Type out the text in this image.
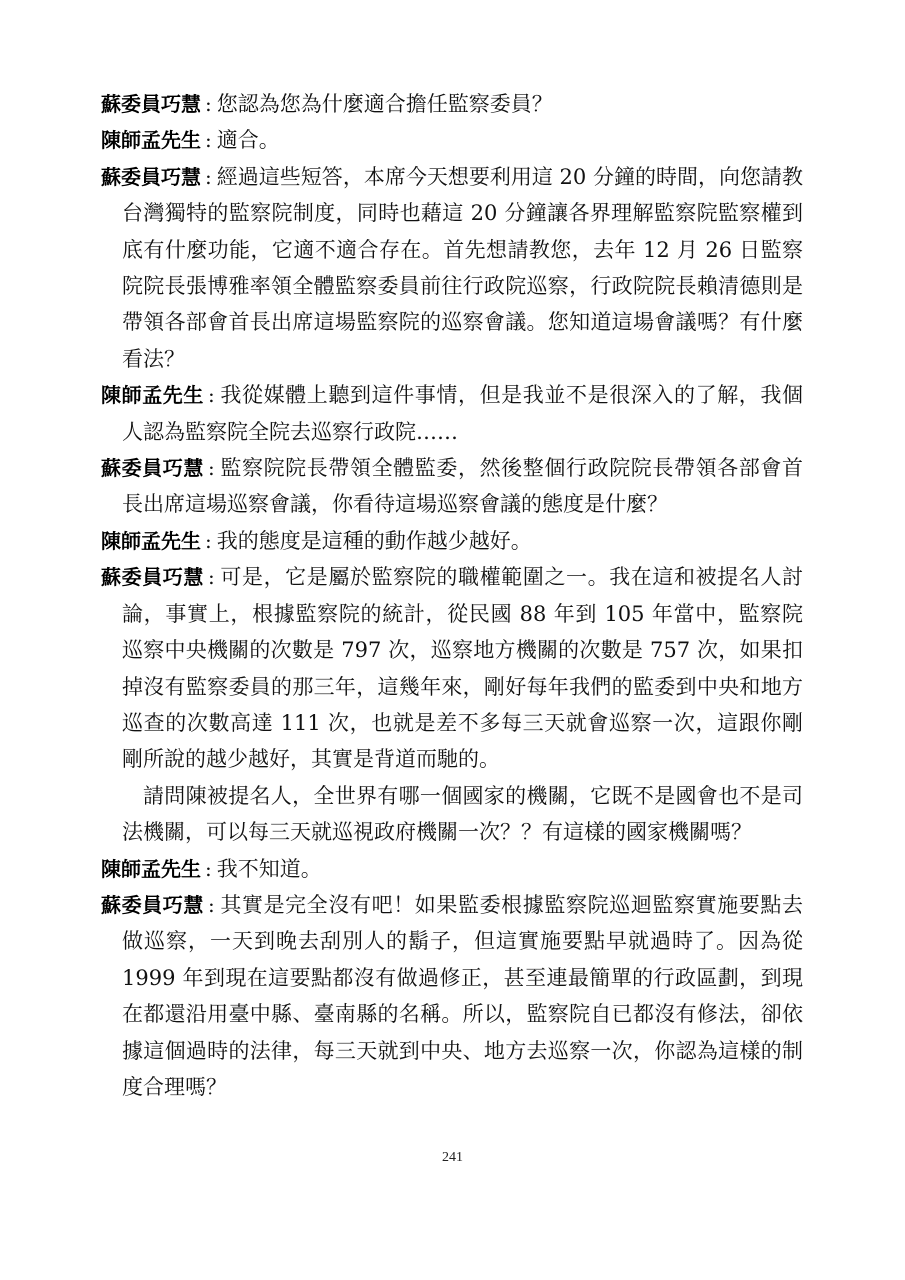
蘇委員巧慧 : 您認為您為什麼適合擔任監察委員？

陳師孟先生 : 適合。

蘇委員巧慧 : 經過這些短答，本席今天想要利用這 20 分鐘的時間，向您請教台灣獨特的監察院制度，同時也藉這 20 分鐘讓各界理解監察院監察權到底有什麼功能，它適不適合存在。首先想請教您，去年 12 月 26 日監察院院長張博雅率領全體監察委員前往行政院巡察，行政院院長賴清德則是帶領各部會首長出席這場監察院的巡察會議。您知道這場會議嗎？有什麼看法？

陳師孟先生 : 我從媒體上聽到這件事情，但是我並不是很深入的了解，我個人認為監察院全院去巡察行政院……

蘇委員巧慧 : 監察院院長帶領全體監委，然後整個行政院院長帶領各部會首長出席這場巡察會議，你看待這場巡察會議的態度是什麼？

陳師孟先生 : 我的態度是這種的動作越少越好。

蘇委員巧慧 : 可是，它是屬於監察院的職權範圍之一。我在這和被提名人討論，事實上，根據監察院的統計，從民國 88 年到 105 年當中，監察院巡察中央機關的次數是 797 次，巡察地方機關的次數是 757 次，如果扣掉沒有監察委員的那三年，這幾年來，剛好每年我們的監委到中央和地方巡查的次數高達 111 次，也就是差不多每三天就會巡察一次，這跟你剛剛所說的越少越好，其實是背道而馳的。

請問陳被提名人，全世界有哪一個國家的機關，它既不是國會也不是司法機關，可以每三天就巡視政府機關一次？？有這樣的國家機關嗎？

陳師孟先生 : 我不知道。

蘇委員巧慧 : 其實是完全沒有吧！如果監委根據監察院巡迴監察實施要點去做巡察，一天到晚去刮別人的鬍子，但這實施要點早就過時了。因為從 1999 年到現在這要點都沒有做過修正，甚至連最簡單的行政區劃，到現在都還沿用臺中縣、臺南縣的名稱。所以，監察院自已都沒有修法，卻依據這個過時的法律，每三天就到中央、地方去巡察一次，你認為這樣的制度合理嗎？

241
